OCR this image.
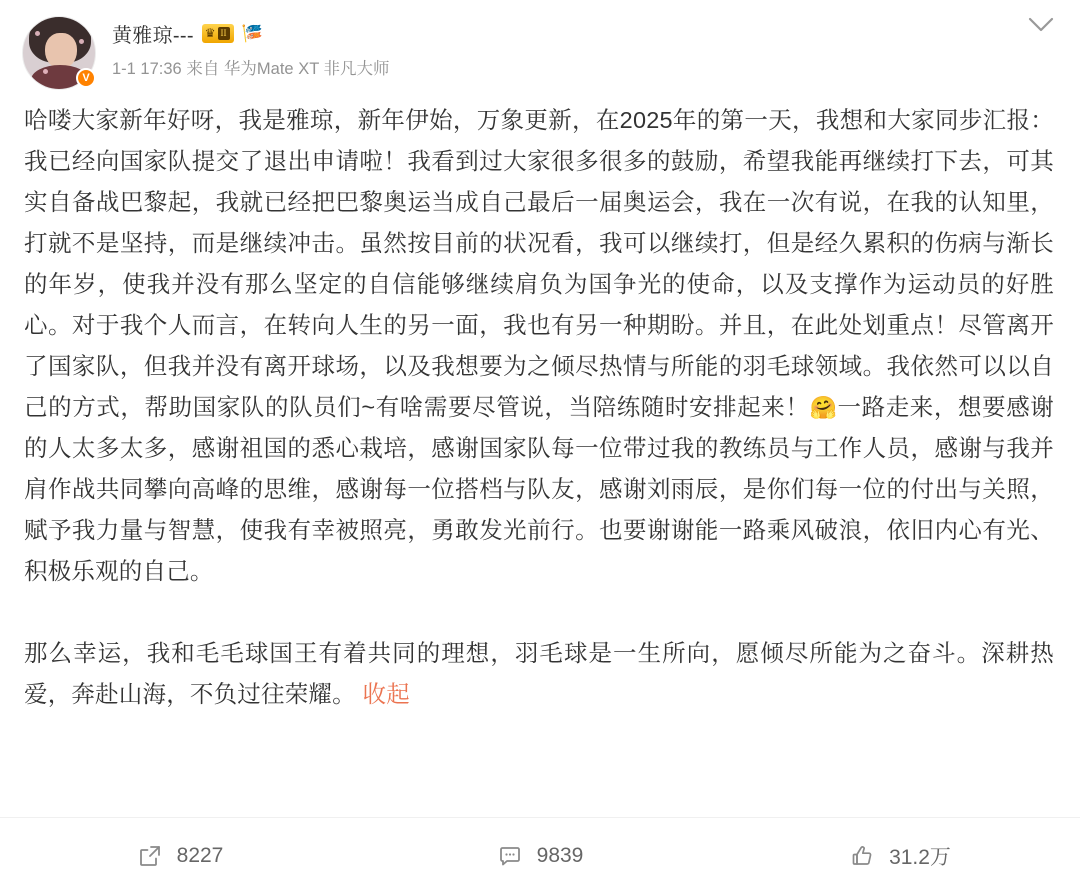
V
黄雅琼--- ♛ II 🎏
1-1 17:36 来自 华为Mate XT 非凡大师

哈喽大家新年好呀，我是雅琼，新年伊始，万象更新，在2025年的第一天，我想和大家同步汇报：我已经向国家队提交了退出申请啦！我看到过大家很多很多的鼓励，希望我能再继续打下去，可其实自备战巴黎起，我就已经把巴黎奥运当成自己最后一届奥运会，我在一次有说，在我的认知里，打就不是坚持，而是继续冲击。虽然按目前的状况看，我可以继续打，但是经久累积的伤病与渐长的年岁，使我并没有那么坚定的自信能够继续肩负为国争光的使命，以及支撑作为运动员的好胜心。对于我个人而言，在转向人生的另一面，我也有另一种期盼。并且，在此处划重点！尽管离开了国家队，但我并没有离开球场，以及我想要为之倾尽热情与所能的羽毛球领域。我依然可以以自己的方式，帮助国家队的队员们~有啥需要尽管说，当陪练随时安排起来！🤗一路走来，想要感谢的人太多太多，感谢祖国的悉心栽培，感谢国家队每一位带过我的教练员与工作人员，感谢与我并肩作战共同攀向高峰的思维，感谢每一位搭档与队友，感谢刘雨辰，是你们每一位的付出与关照，赋予我力量与智慧，使我有幸被照亮，勇敢发光前行。也要谢谢能一路乘风破浪，依旧内心有光、积极乐观的自己。

那么幸运，我和毛毛球国王有着共同的理想，羽毛球是一生所向，愿倾尽所能为之奋斗。深耕热爱，奔赴山海，不负过往荣耀。 收起

8227	9839	31.2万
